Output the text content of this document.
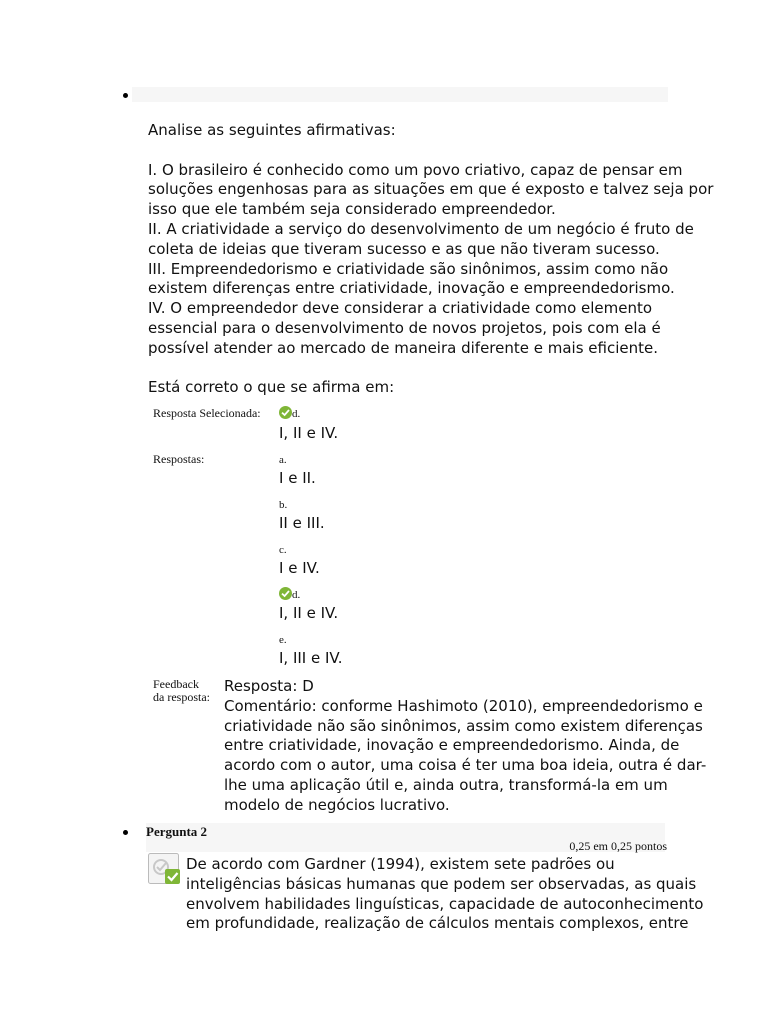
Analise as seguintes afirmativas:
I. O brasileiro é conhecido como um povo criativo, capaz de pensar em
soluções engenhosas para as situações em que é exposto e talvez seja por
isso que ele também seja considerado empreendedor.
II. A criatividade a serviço do desenvolvimento de um negócio é fruto de
coleta de ideias que tiveram sucesso e as que não tiveram sucesso.
III. Empreendedorismo e criatividade são sinônimos, assim como não
existem diferenças entre criatividade, inovação e empreendedorismo.
IV. O empreendedor deve considerar a criatividade como elemento
essencial para o desenvolvimento de novos projetos, pois com ela é
possível atender ao mercado de maneira diferente e mais eficiente.
Está correto o que se afirma em:
Resposta Selecionada:	d.
I, II e IV.
Respostas:	a.
I e II.
b.
II e III.
c.
I e IV.
d.
I, II e IV.
e.
I, III e IV.
Feedback
da resposta:
Resposta: D
Comentário: conforme Hashimoto (2010), empreendedorismo e
criatividade não são sinônimos, assim como existem diferenças
entre criatividade, inovação e empreendedorismo. Ainda, de
acordo com o autor, uma coisa é ter uma boa ideia, outra é dar-
lhe uma aplicação útil e, ainda outra, transformá-la em um
modelo de negócios lucrativo.
Pergunta 2
0,25 em 0,25 pontos
De acordo com Gardner (1994), existem sete padrões ou
inteligências básicas humanas que podem ser observadas, as quais
envolvem habilidades linguísticas, capacidade de autoconhecimento
em profundidade, realização de cálculos mentais complexos, entre
